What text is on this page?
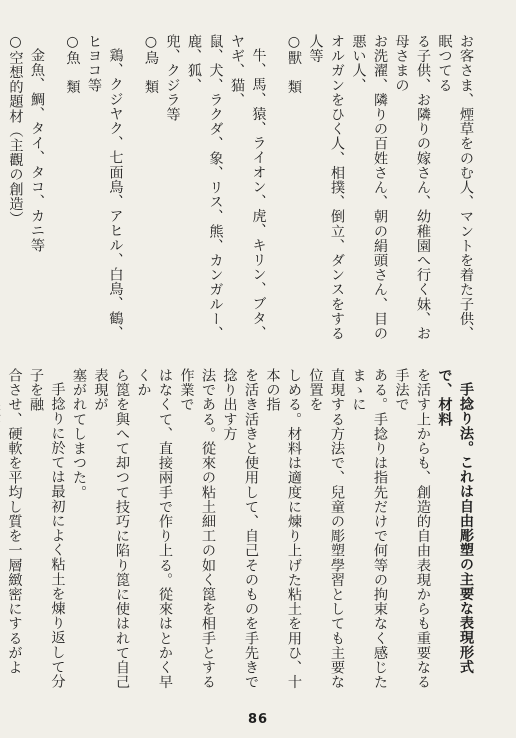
お客さま、煙草をのむ人、マントを着た子供、眠つてる
る子供、お隣りの嫁さん、幼稚園へ行く妹、お母さまの
お洗濯、隣りの百姓さん、朝の絹頭さん、目の悪い人、
オルガンをひく人、相撲、倒立、ダンスをする人等
○獸　類
牛、馬、猿、ライオン、虎、キリン、ブタ、ヤギ、猫、
鼠、犬、ラクダ、象、リス、熊、カンガルー、鹿、狐、
兜、クジラ等
○鳥　類
鶏、クジヤク、七面鳥、アヒル、白鳥、鶴、ヒヨコ等
○魚　類
金魚、鯛、タイ、タコ、カニ等
○空想的題材（主觀の創造）
手捻り法。これは自由彫塑の主要な表現形式で、材料
を活す上からも、創造的自由表現からも重要なる手法で
ある。手捻りは指先だけで何等の拘束なく感じたまゝに
直現する方法で、兒童の彫塑學習としても主要な位置を
しめる。材料は適度に煉り上げた粘土を用ひ、十本の指
を活き活きと使用して、自己そのものを手先きで捻り出す方
法である。從來の粘土細工の如く箆を相手とする作業で
はなくて、直接兩手で作り上る。從來はとかく早くか
ら箆を與へて却つて技巧に陷り箆に使はれて自己表現が
塞がれてしまつた。
手捻りに於ては最初によく粘土を煉り返して分子を融
合させ、硬軟を平均し質を一層緻密にするがよ
86
